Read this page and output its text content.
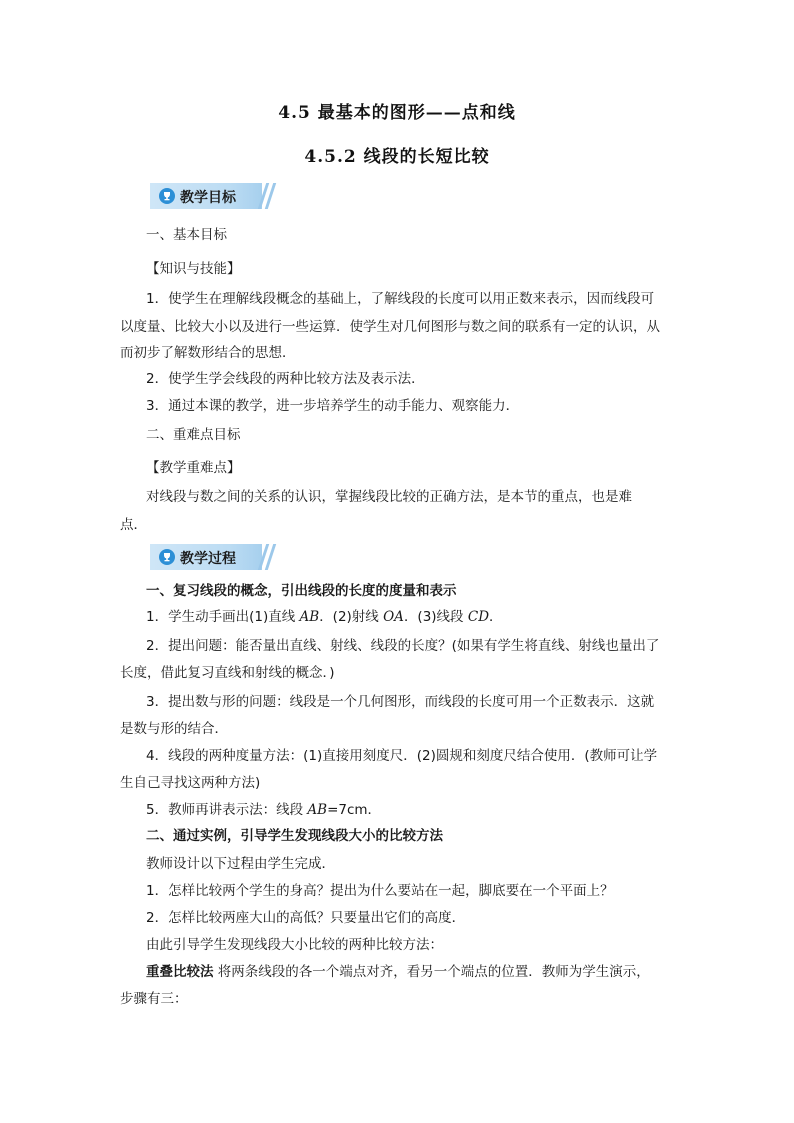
4.5 最基本的图形——点和线
4.5.2 线段的长短比较
教学目标
一、基本目标
【知识与技能】
1．使学生在理解线段概念的基础上，了解线段的长度可以用正数来表示，因而线段可
以度量、比较大小以及进行一些运算．使学生对几何图形与数之间的联系有一定的认识，从
而初步了解数形结合的思想．
2．使学生学会线段的两种比较方法及表示法．
3．通过本课的教学，进一步培养学生的动手能力、观察能力．
二、重难点目标
【教学重难点】
对线段与数之间的关系的认识，掌握线段比较的正确方法，是本节的重点，也是难
点．
教学过程
一、复习线段的概念，引出线段的长度的度量和表示
1．学生动手画出(1)直线 AB．(2)射线 OA．(3)线段 CD．
2．提出问题：能否量出直线、射线、线段的长度？(如果有学生将直线、射线也量出了
长度，借此复习直线和射线的概念．)
3．提出数与形的问题：线段是一个几何图形，而线段的长度可用一个正数表示．这就
是数与形的结合．
4．线段的两种度量方法：(1)直接用刻度尺．(2)圆规和刻度尺结合使用．(教师可让学
生自己寻找这两种方法)
5．教师再讲表示法：线段 AB=7cm．
二、通过实例，引导学生发现线段大小的比较方法
教师设计以下过程由学生完成．
1．怎样比较两个学生的身高？提出为什么要站在一起，脚底要在一个平面上？
2．怎样比较两座大山的高低？只要量出它们的高度．
由此引导学生发现线段大小比较的两种比较方法：
重叠比较法 将两条线段的各一个端点对齐，看另一个端点的位置．教师为学生演示，
步骤有三：
